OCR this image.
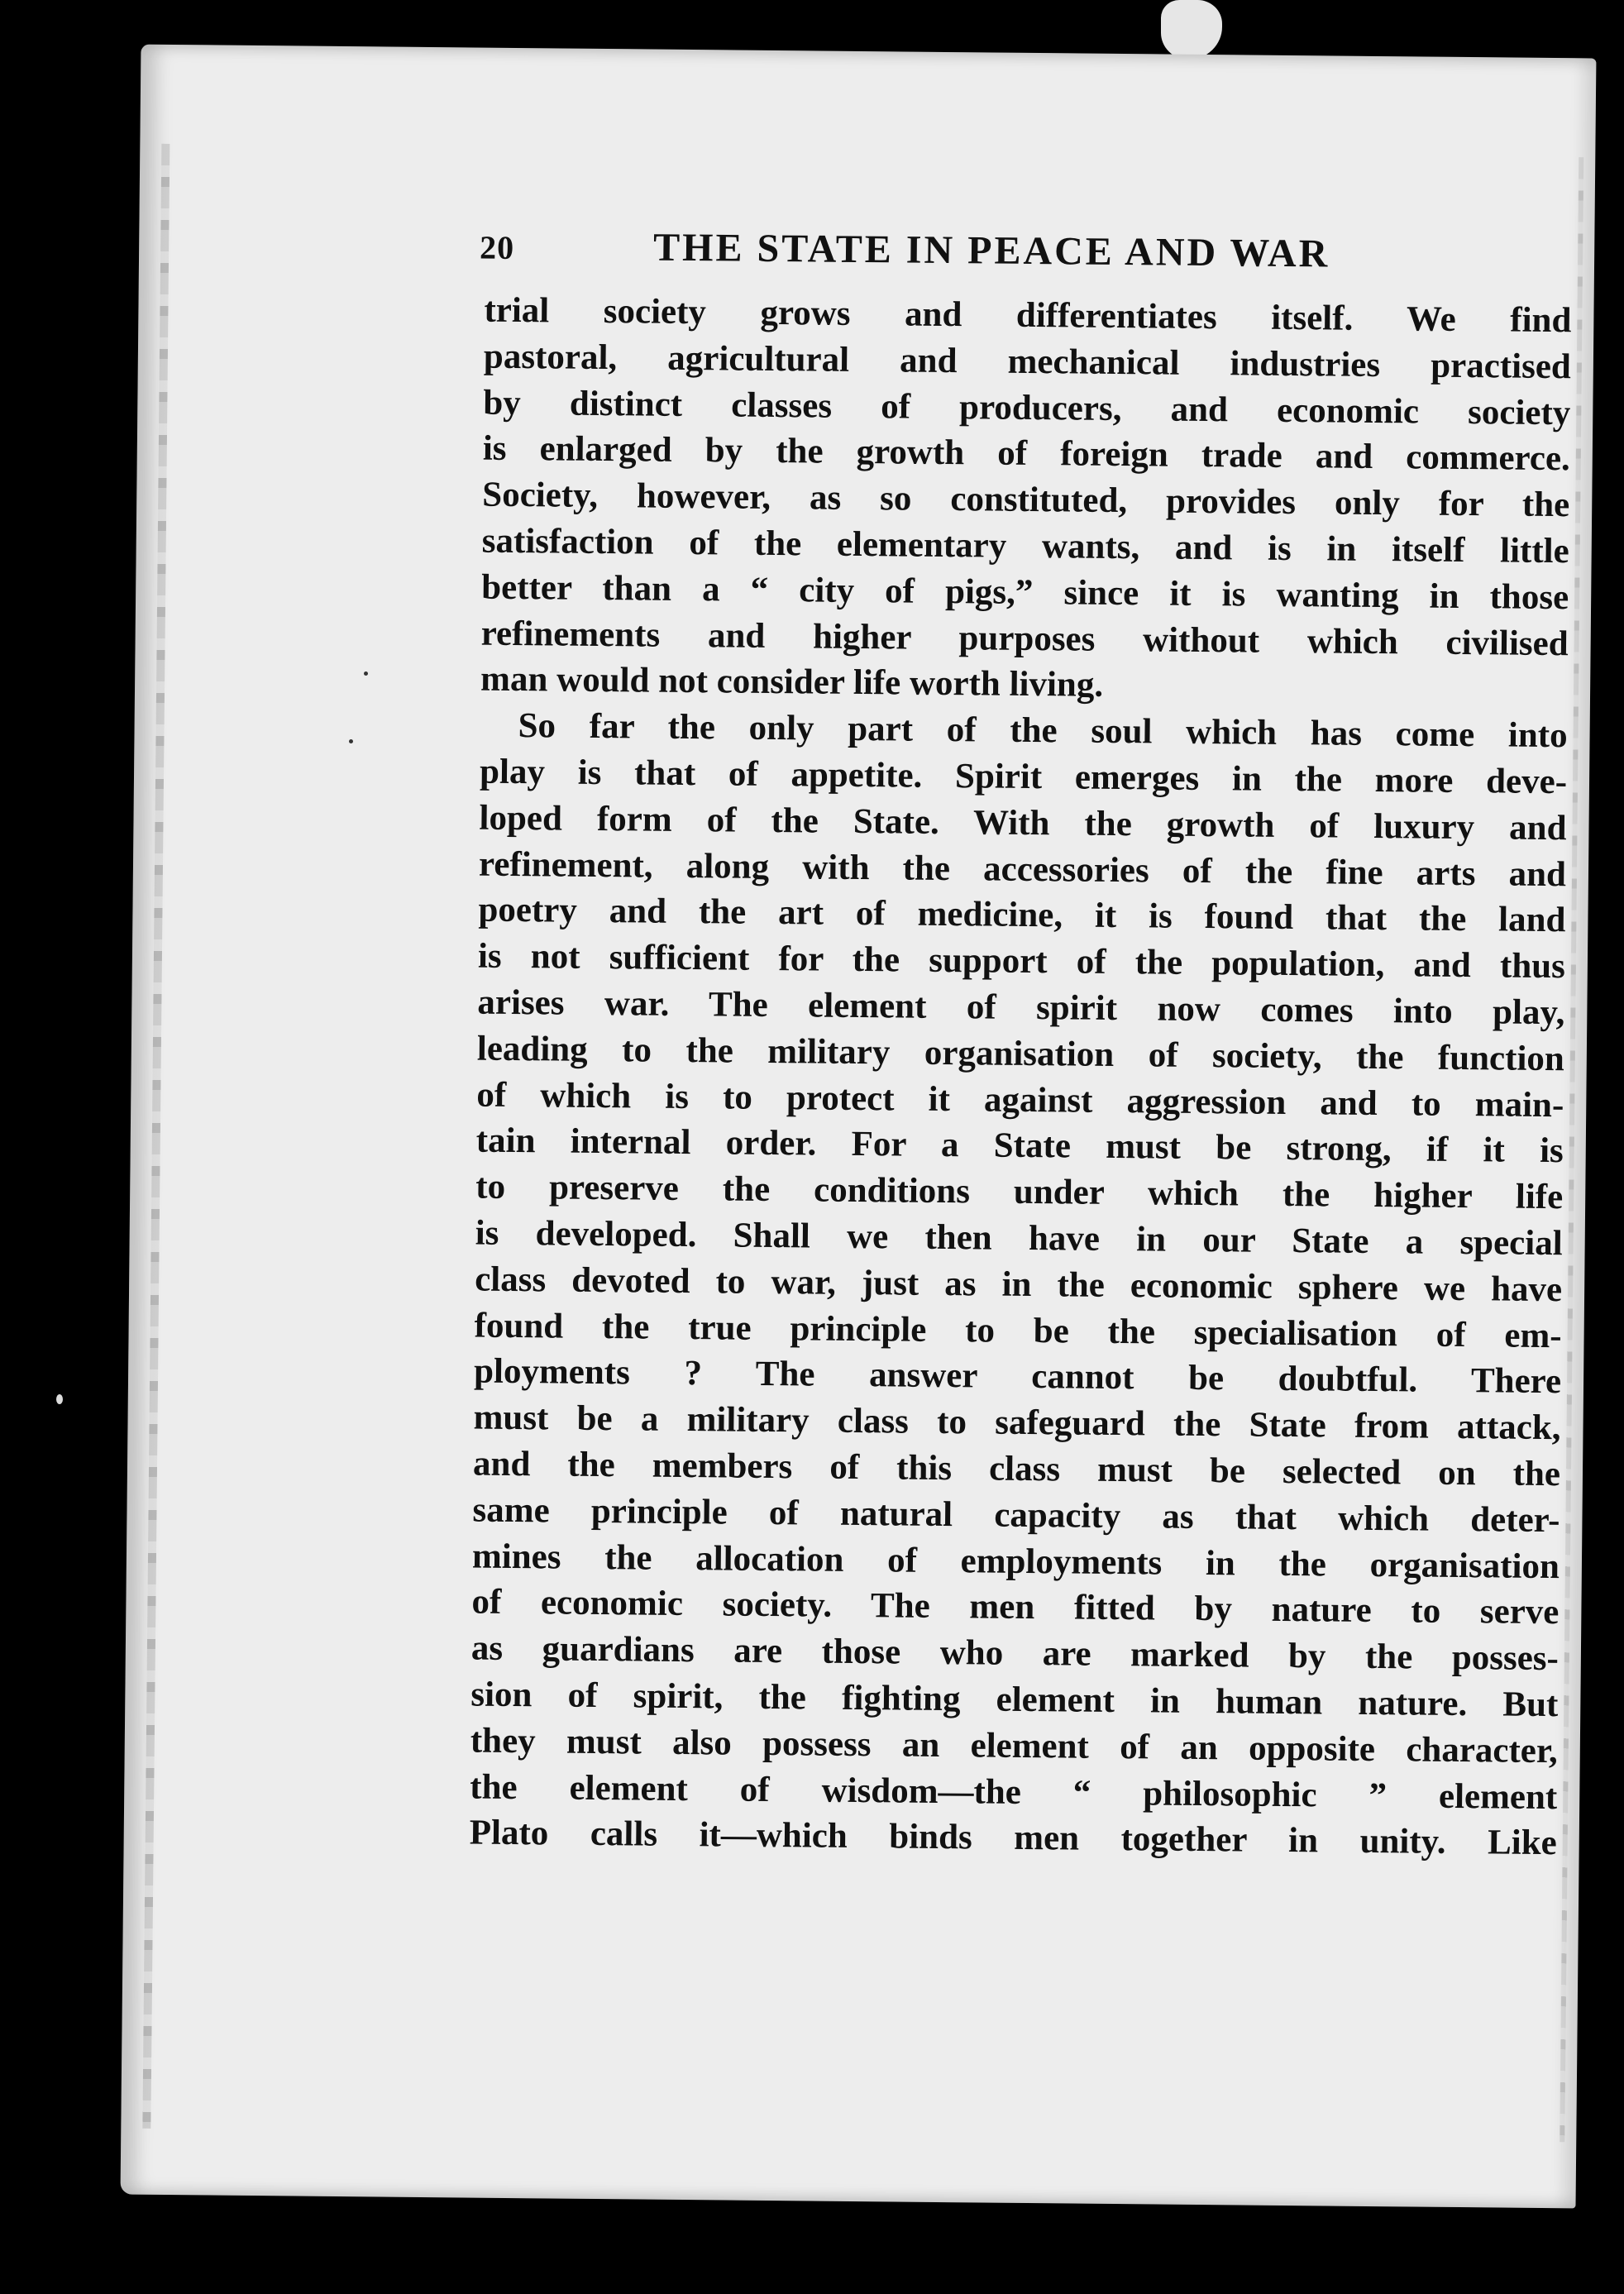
20	THE STATE IN PEACE AND WAR
trial society grows and differentiates itself. We find
pastoral, agricultural and mechanical industries practised
by distinct classes of producers, and economic society
is enlarged by the growth of foreign trade and commerce.
Society, however, as so constituted, provides only for the
satisfaction of the elementary wants, and is in itself little
better than a “ city of pigs,” since it is wanting in those
refinements and higher purposes without which civilised
man would not consider life worth living.
So far the only part of the soul which has come into
play is that of appetite. Spirit emerges in the more deve-
loped form of the State. With the growth of luxury and
refinement, along with the accessories of the fine arts and
poetry and the art of medicine, it is found that the land
is not sufficient for the support of the population, and thus
arises war. The element of spirit now comes into play,
leading to the military organisation of society, the function
of which is to protect it against aggression and to main-
tain internal order. For a State must be strong, if it is
to preserve the conditions under which the higher life
is developed. Shall we then have in our State a special
class devoted to war, just as in the economic sphere we have
found the true principle to be the specialisation of em-
ployments ? The answer cannot be doubtful. There
must be a military class to safeguard the State from attack,
and the members of this class must be selected on the
same principle of natural capacity as that which deter-
mines the allocation of employments in the organisation
of economic society. The men fitted by nature to serve
as guardians are those who are marked by the posses-
sion of spirit, the fighting element in human nature. But
they must also possess an element of an opposite character,
the element of wisdom—the “ philosophic ” element
Plato calls it—which binds men together in unity. Like
